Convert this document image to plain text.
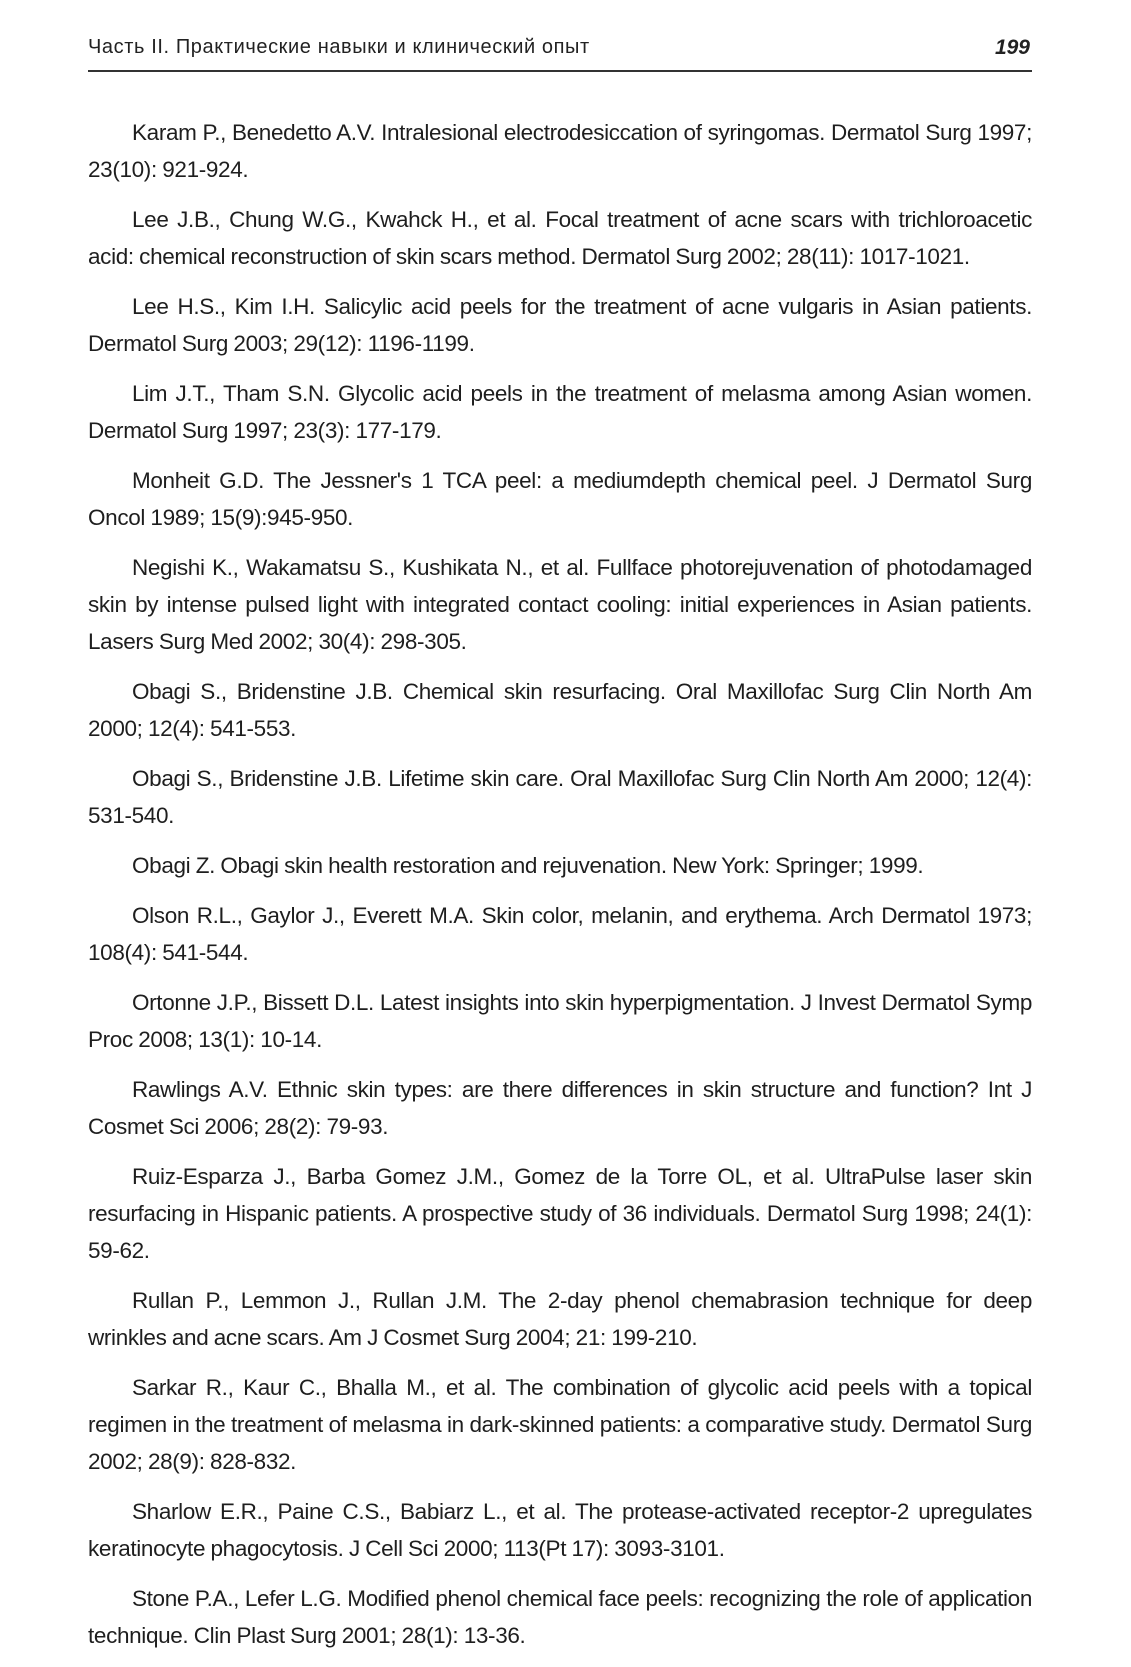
Часть II. Практические навыки и клинический опыт	199

Karam P., Benedetto A.V. Intralesional electrodesiccation of syringomas. Dermatol Surg 1997; 23(10): 921-924.

Lee J.B., Chung W.G., Kwahck H., et al. Focal treatment of acne scars with trichloroacetic acid: chemical reconstruction of skin scars method. Dermatol Surg 2002; 28(11): 1017-1021.

Lee H.S., Kim I.H. Salicylic acid peels for the treatment of acne vulgaris in Asian patients. Dermatol Surg 2003; 29(12): 1196-1199.

Lim J.T., Tham S.N. Glycolic acid peels in the treatment of melasma among Asian women. Dermatol Surg 1997; 23(3): 177-179.

Monheit G.D. The Jessner's 1 TCA peel: a mediumdepth chemical peel. J Dermatol Surg Oncol 1989; 15(9):945-950.

Negishi K., Wakamatsu S., Kushikata N., et al. Fullface photorejuvenation of photodamaged skin by intense pulsed light with integrated contact cooling: initial experiences in Asian patients. Lasers Surg Med 2002; 30(4): 298-305.

Obagi S., Bridenstine J.B. Chemical skin resurfacing. Oral Maxillofac Surg Clin North Am 2000; 12(4): 541-553.

Obagi S., Bridenstine J.B. Lifetime skin care. Oral Maxillofac Surg Clin North Am 2000; 12(4): 531-540.

Obagi Z. Obagi skin health restoration and rejuvenation. New York: Springer; 1999.

Olson R.L., Gaylor J., Everett M.A. Skin color, melanin, and erythema. Arch Dermatol 1973; 108(4): 541-544.

Ortonne J.P., Bissett D.L. Latest insights into skin hyperpigmentation. J Invest Dermatol Symp Proc 2008; 13(1): 10-14.

Rawlings A.V. Ethnic skin types: are there differences in skin structure and function? Int J Cosmet Sci 2006; 28(2): 79-93.

Ruiz-Esparza J., Barba Gomez J.M., Gomez de la Torre OL, et al. UltraPulse laser skin resurfacing in Hispanic patients. A prospective study of 36 individuals. Dermatol Surg 1998; 24(1): 59-62.

Rullan P., Lemmon J., Rullan J.M. The 2-day phenol chemabrasion technique for deep wrinkles and acne scars. Am J Cosmet Surg 2004; 21: 199-210.

Sarkar R., Kaur C., Bhalla M., et al. The combination of glycolic acid peels with a topical regimen in the treatment of melasma in dark-skinned patients: a comparative study. Dermatol Surg 2002; 28(9): 828-832.

Sharlow E.R., Paine C.S., Babiarz L., et al. The protease-activated receptor-2 upregulates keratinocyte phagocytosis. J Cell Sci 2000; 113(Pt 17): 3093-3101.

Stone P.A., Lefer L.G. Modified phenol chemical face peels: recognizing the role of application technique. Clin Plast Surg 2001; 28(1): 13-36.
